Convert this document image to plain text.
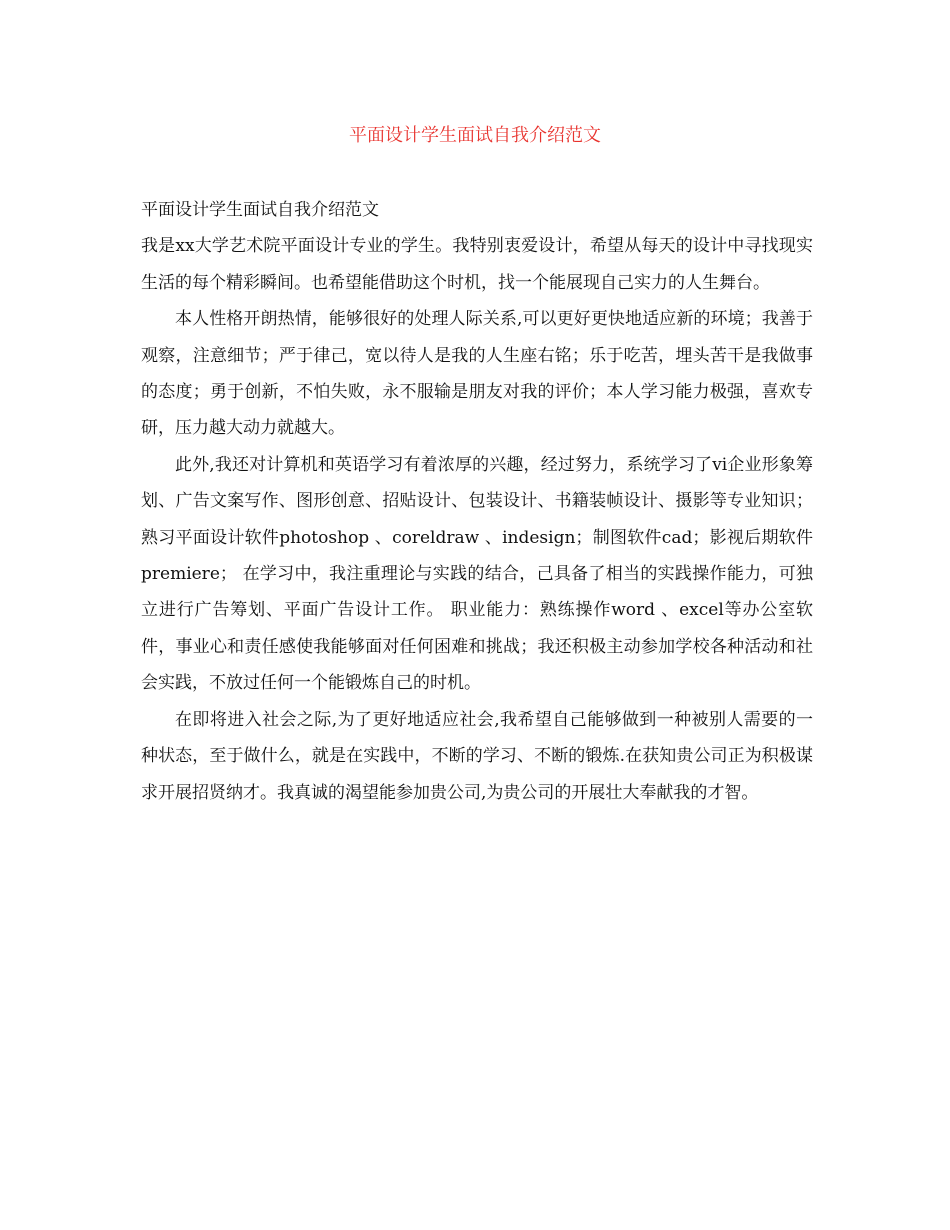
平面设计学生面试自我介绍范文

平面设计学生面试自我介绍范文

我是xx大学艺术院平面设计专业的学生。我特别衷爱设计，希望从每天的设计中寻找现实生活的每个精彩瞬间。也希望能借助这个时机，找一个能展现自己实力的人生舞台。

本人性格开朗热情，能够很好的处理人际关系,可以更好更快地适应新的环境；我善于观察，注意细节；严于律己，宽以待人是我的人生座右铭；乐于吃苦，埋头苦干是我做事的态度；勇于创新，不怕失败，永不服输是朋友对我的评价；本人学习能力极强，喜欢专研，压力越大动力就越大。

此外,我还对计算机和英语学习有着浓厚的兴趣，经过努力，系统学习了vi企业形象筹划、广告文案写作、图形创意、招贴设计、包装设计、书籍装帧设计、摄影等专业知识；熟习平面设计软件photoshop 、coreldraw 、indesign；制图软件cad；影视后期软件premiere； 在学习中，我注重理论与实践的结合，己具备了相当的实践操作能力，可独立进行广告筹划、平面广告设计工作。 职业能力：熟练操作word 、excel等办公室软件，事业心和责任感使我能够面对任何困难和挑战；我还积极主动参加学校各种活动和社会实践，不放过任何一个能锻炼自己的时机。

在即将进入社会之际,为了更好地适应社会,我希望自己能够做到一种被别人需要的一种状态，至于做什么，就是在实践中，不断的学习、不断的锻炼.在获知贵公司正为积极谋求开展招贤纳才。我真诚的渴望能参加贵公司,为贵公司的开展壮大奉献我的才智。
